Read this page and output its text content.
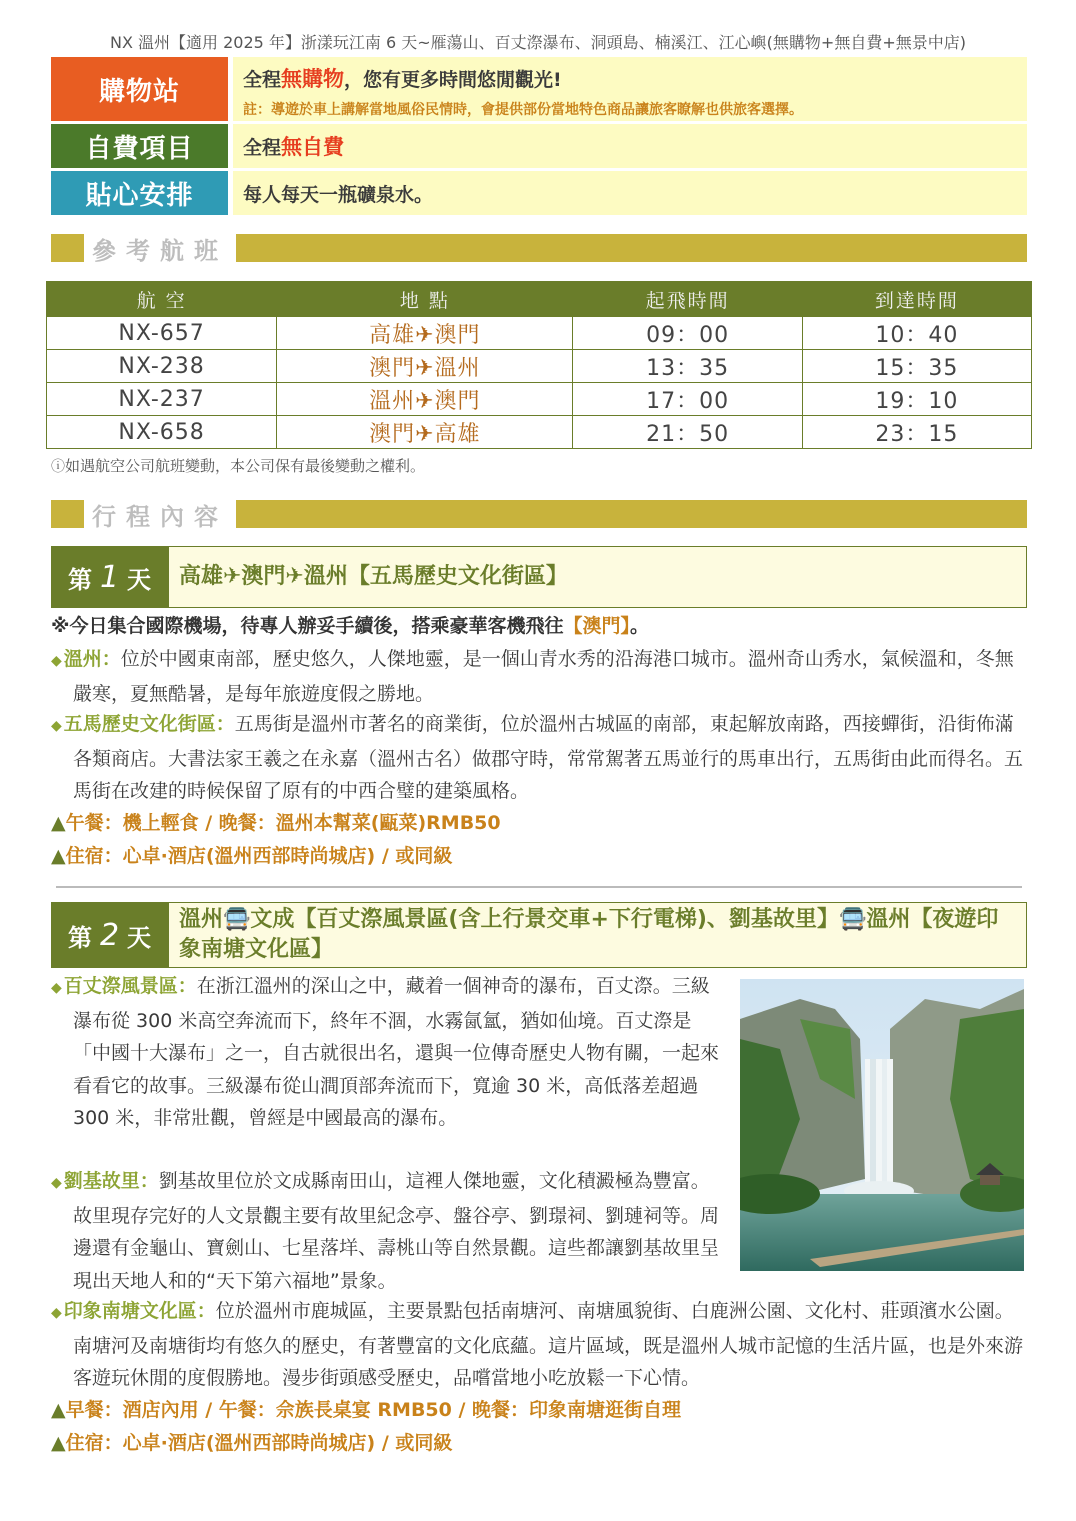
NX 溫州【適用 2025 年】浙漾玩江南 6 天~雁蕩山、百丈漈瀑布、洞頭島、楠溪江、江心嶼(無購物+無自費+無景中店)
購物站	全程無購物，您有更多時間悠閒觀光!
註：導遊於車上講解當地風俗民情時，會提供部份當地特色商品讓旅客瞭解也供旅客選擇。
自費項目	全程無自費
貼心安排	每人每天一瓶礦泉水。
參考航班
航 空	地 點	起飛時間	到達時間
NX-657	高雄✈澳門	09：00	10：40
NX-238	澳門✈溫州	13：35	15：35
NX-237	溫州✈澳門	17：00	19：10
NX-658	澳門✈高雄	21：50	23：15
ⓘ如遇航空公司航班變動，本公司保有最後變動之權利。
行程內容
第 1 天	高雄✈澳門✈溫州【五馬歷史文化街區】
※今日集合國際機場，待專人辦妥手續後，搭乘豪華客機飛往【澳門】。
◆ 溫州：位於中國東南部，歷史悠久，人傑地靈，是一個山青水秀的沿海港口城市。溫州奇山秀水，氣候溫和，冬無嚴寒，夏無酷暑，是每年旅遊度假之勝地。
◆ 五馬歷史文化街區：五馬街是溫州市著名的商業街，位於溫州古城區的南部，東起解放南路，西接蟬街，沿街佈滿各類商店。大書法家王羲之在永嘉（溫州古名）做郡守時，常常駕著五馬並行的馬車出行，五馬街由此而得名。五馬街在改建的時候保留了原有的中西合璧的建築風格。
▲午餐：機上輕食 / 晚餐：溫州本幫菜(甌菜)RMB50
▲住宿：心卓·酒店(溫州西部時尚城店) / 或同級
第 2 天
溫州🚍文成【百丈漈風景區(含上行景交車+下行電梯)、劉基故里】🚍溫州【夜遊印象南塘文化區】
◆ 百丈漈風景區：在浙江溫州的深山之中，藏着一個神奇的瀑布，百丈漈。三級瀑布從 300 米高空奔流而下，終年不涸，水霧氤氳，猶如仙境。百丈漈是「中國十大瀑布」之一，自古就很出名，還與一位傳奇歷史人物有關，一起來看看它的故事。三級瀑布從山澗頂部奔流而下，寬逾 30 米，高低落差超過 300 米，非常壯觀，曾經是中國最高的瀑布。
◆ 劉基故里：劉基故里位於文成縣南田山，這裡人傑地靈，文化積澱極為豐富。故里現存完好的人文景觀主要有故里紀念亭、盤谷亭、劉璟祠、劉璉祠等。周邊還有金龜山、寶劍山、七星落垟、壽桃山等自然景觀。這些都讓劉基故里呈現出天地人和的“天下第六福地”景象。
◆ 印象南塘文化區：位於溫州市鹿城區，主要景點包括南塘河、南塘風貌街、白鹿洲公園、文化村、莊頭濱水公園。南塘河及南塘街均有悠久的歷史，有著豐富的文化底蘊。這片區域，既是溫州人城市記憶的生活片區，也是外來游客遊玩休閒的度假勝地。漫步街頭感受歷史，品嚐當地小吃放鬆一下心情。
▲早餐：酒店內用 / 午餐：佘族長桌宴 RMB50 / 晚餐：印象南塘逛街自理
▲住宿：心卓·酒店(溫州西部時尚城店) / 或同級
